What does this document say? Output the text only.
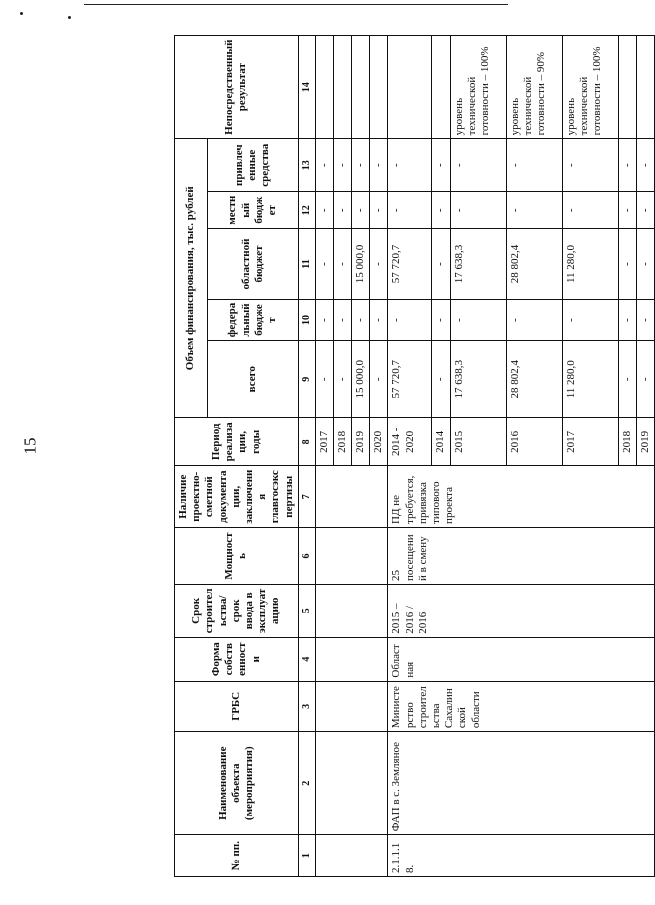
15
№ пп.	Наименование объекта (мероприятия)	ГРБС	Форма собственности	Срок строительства/срок ввода в эксплуатацию	Мощность	Наличие проектно-сметной документации, заключения главгосэкспертизы	Период реализации, годы	Объем финансирования, тыс. рублей					Непосредственный результат
								всего	федеральный бюджет	областной бюджет	местный бюджет	привлеченные средства	
1	2	3	4	5	6	7	8	9	10	11	12	13	14
							2017	-	-	-	-	-	
							2018	-	-	-	-	-	
							2019	15 000,0	-	15 000,0	-	-	
							2020	-	-	-	-	-	
2.1.1.18.	ФАП в с. Земляное	Министерство строительства Сахалинской области	Областная	2015 – 2016 / 2016	25 посещений в смену	ПД не требуется, привязка типового проекта	2014 - 2020	57 720,7	-	57 720,7	-	-	
							2014	-	-	-	-	-	
							2015	17 638,3	-	17 638,3	-	-	уровень технической готовности – 100%
							2016	28 802,4	-	28 802,4	-	-	уровень технической готовности – 90%
							2017	11 280,0	-	11 280,0	-	-	уровень технической готовности – 100%
							2018	-	-	-	-	-	
							2019	-	-	-	-	-	
